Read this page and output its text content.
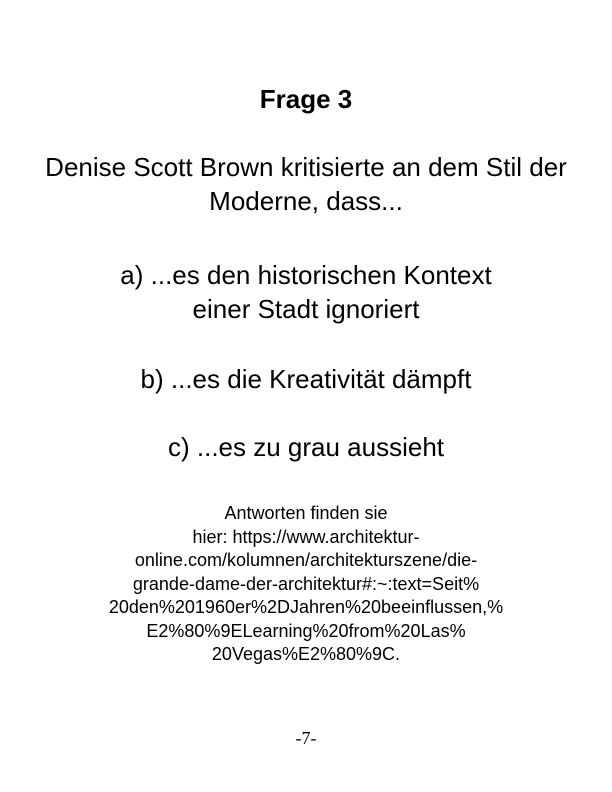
Frage 3
Denise Scott Brown kritisierte an dem Stil der Moderne, dass...
a) ...es den historischen Kontext
einer Stadt ignoriert
b) ...es die Kreativität dämpft
c) ...es zu grau aussieht
Antworten finden sie
hier: https://www.architektur-
online.com/kolumnen/architekturszene/die-
grande-dame-der-architektur#:~:text=Seit%
20den%201960er%2DJahren%20beeinflussen,%
E2%80%9ELearning%20from%20Las%
20Vegas%E2%80%9C.
-7-
